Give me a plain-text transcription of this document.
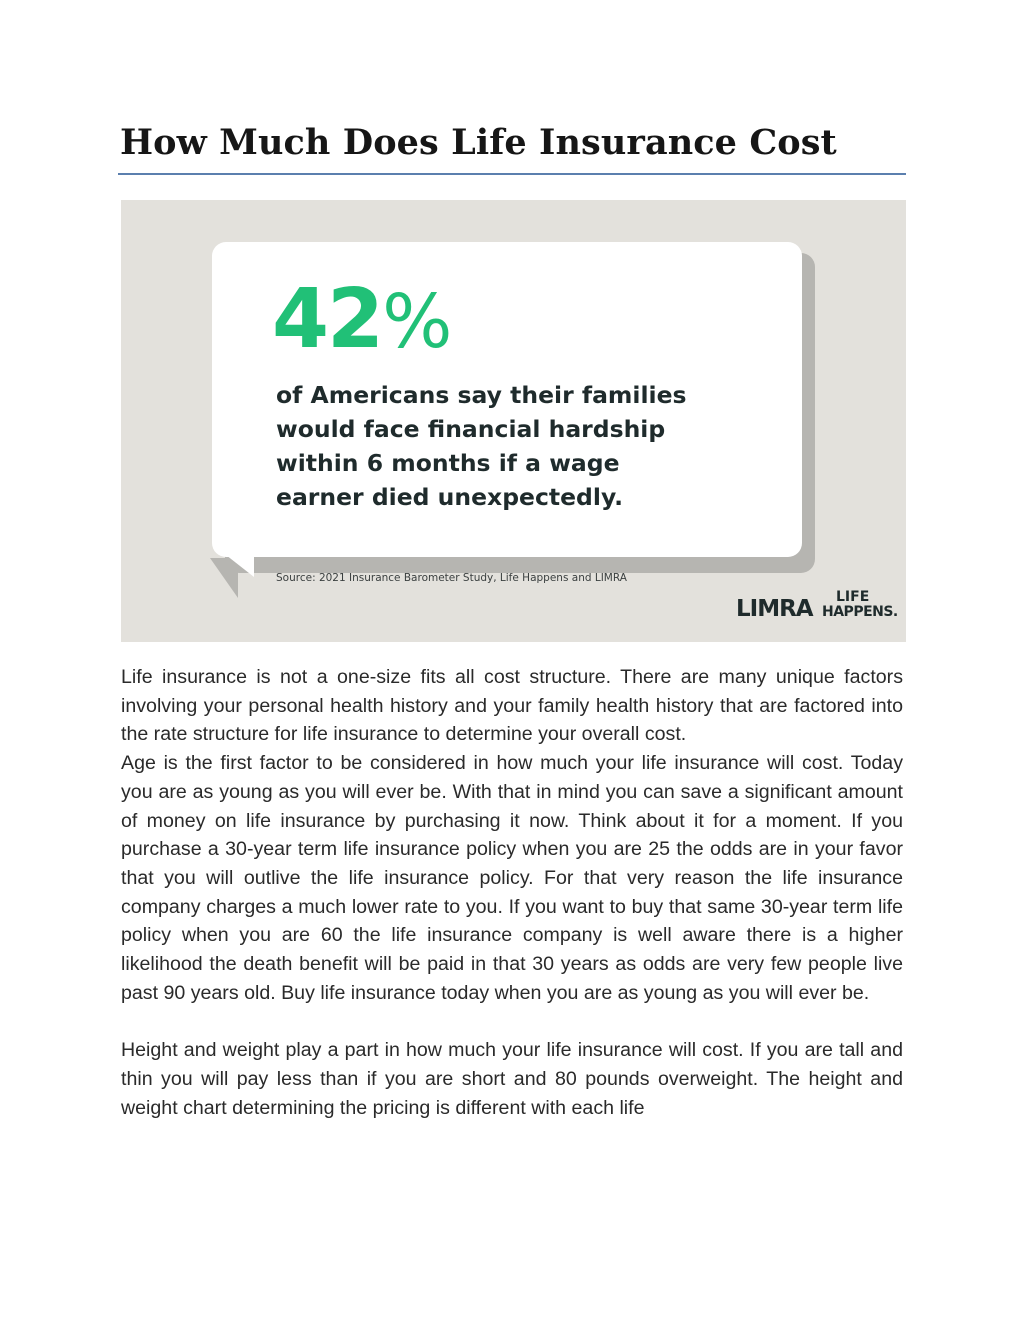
How Much Does Life Insurance Cost
42%
of Americans say their families
would face financial hardship
within 6 months if a wage
earner died unexpectedly.
Source: 2021 Insurance Barometer Study, Life Happens and LIMRA
LIMRA LIFE
HAPPENS.

Life insurance is not a one-size fits all cost structure. There are many unique factors involving your personal health history and your family health history that are factored into the rate structure for life insurance to determine your overall cost.

Age is the first factor to be considered in how much your life insurance will cost. Today you are as young as you will ever be. With that in mind you can save a significant amount of money on life insurance by purchasing it now. Think about it for a moment. If you purchase a 30-year term life insurance policy when you are 25 the odds are in your favor that you will outlive the life insurance policy. For that very reason the life insurance company charges a much lower rate to you. If you want to buy that same 30-year term life policy when you are 60 the life insurance company is well aware there is a higher likelihood the death benefit will be paid in that 30 years as odds are very few people live past 90 years old. Buy life insurance today when you are as young as you will ever be.

Height and weight play a part in how much your life insurance will cost. If you are tall and thin you will pay less than if you are short and 80 pounds overweight. The height and weight chart determining the pricing is different with each life
